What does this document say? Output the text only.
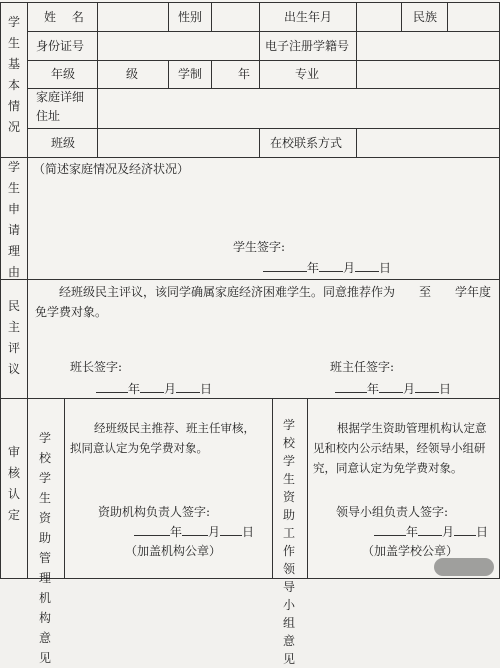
学生基本情况
学生申请理由
民主评议
审核认定
姓 名	性别	出生年月	民族
身份证号	电子注册学籍号
年级	级	学制	年	专业
家庭详细住址
班级	在校联系方式
（简述家庭情况及经济状况）
学生签字:
年 月 日
经班级民主评议，该同学确属家庭经济困难学生。同意推荐作为　　至　　学年度免学费对象。
班长签字:	班主任签字:
年 月 日	年 月 日
学校学生资助管理机构意见
经班级民主推荐、班主任审核，拟同意认定为免学费对象。
资助机构负责人签字:
年 月 日
（加盖机构公章）
学校学生资助工作领导小组意见
根据学生资助管理机构认定意见和校内公示结果，经领导小组研究，同意认定为免学费对象。
领导小组负责人签字:
年 月 日
（加盖学校公章）
